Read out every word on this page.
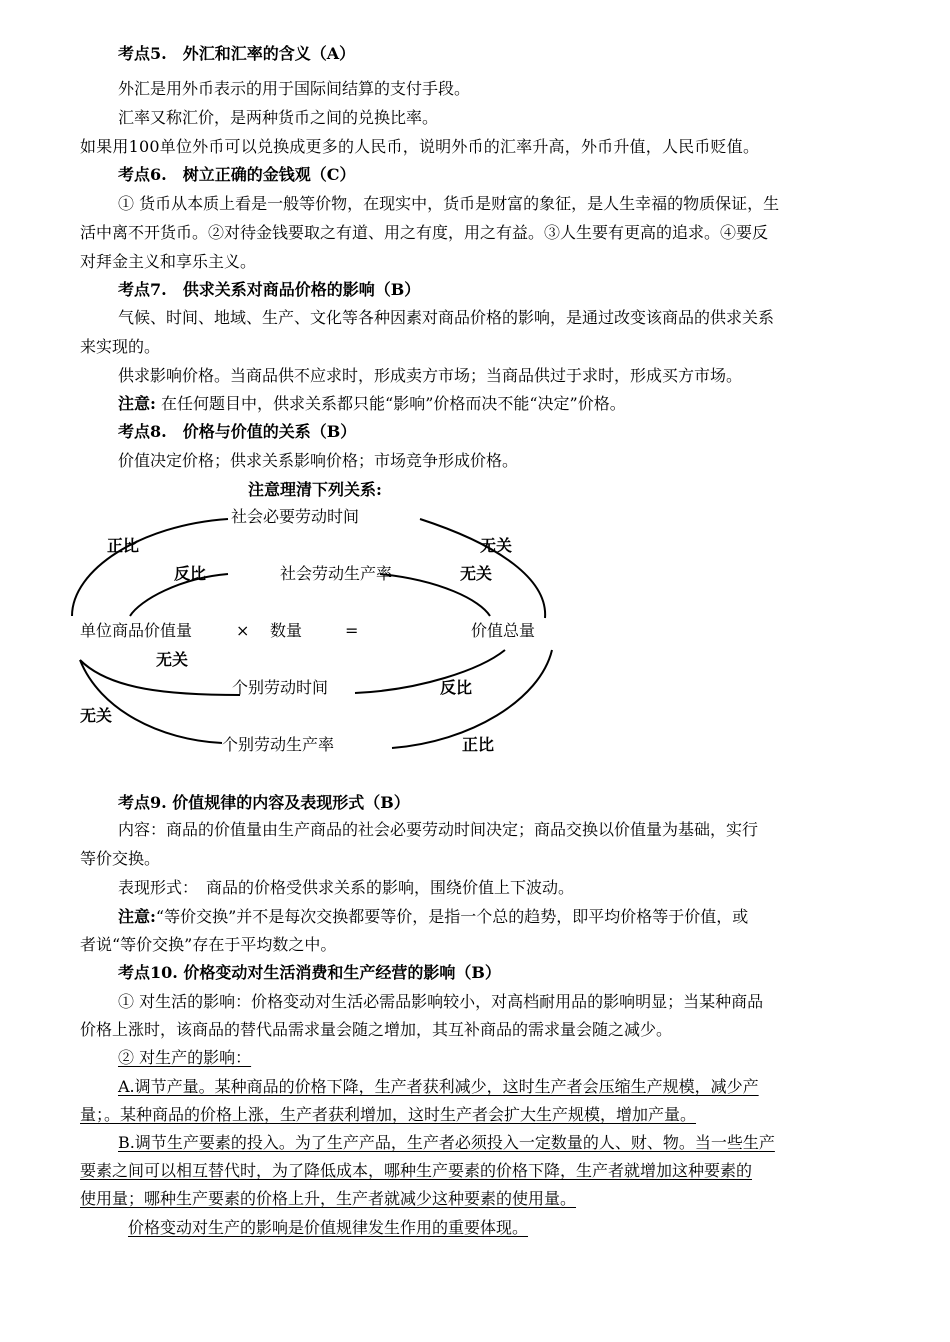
考点5.　外汇和汇率的含义（A）
外汇是用外币表示的用于国际间结算的支付手段。
汇率又称汇价，是两种货币之间的兑换比率。
如果用100单位外币可以兑换成更多的人民币，说明外币的汇率升高，外币升值，人民币贬值。
考点6.　树立正确的金钱观（C）
① 货币从本质上看是一般等价物，在现实中，货币是财富的象征，是人生幸福的物质保证，生
活中离不开货币。②对待金钱要取之有道、用之有度，用之有益。③人生要有更高的追求。④要反
对拜金主义和享乐主义。
考点7.　供求关系对商品价格的影响（B）
气候、时间、地域、生产、文化等各种因素对商品价格的影响，是通过改变该商品的供求关系
来实现的。
供求影响价格。当商品供不应求时，形成卖方市场；当商品供过于求时，形成买方市场。
注意: 在任何题目中，供求关系都只能“影响”价格而决不能“决定”价格。
考点8.　价格与价值的关系（B）
价值决定价格；供求关系影响价格；市场竞争形成价格。
注意理清下列关系:
社会必要劳动时间
正比	无关
反比	社会劳动生产率	无关
单位商品价值量	× 数量	=	价值总量
无关
个别劳动时间	反比
无关
个别劳动生产率	正比
考点9. 价值规律的内容及表现形式（B）
内容：商品的价值量由生产商品的社会必要劳动时间决定；商品交换以价值量为基础，实行
等价交换。
表现形式：　商品的价格受供求关系的影响，围绕价值上下波动。
注意:“等价交换”并不是每次交换都要等价，是指一个总的趋势，即平均价格等于价值，或
者说“等价交换”存在于平均数之中。
考点10. 价格变动对生活消费和生产经营的影响（B）
① 对生活的影响：价格变动对生活必需品影响较小，对高档耐用品的影响明显；当某种商品
价格上涨时，该商品的替代品需求量会随之增加，其互补商品的需求量会随之减少。
② 对生产的影响：
A.调节产量。某种商品的价格下降，生产者获利减少，这时生产者会压缩生产规模，减少产
量；。某种商品的价格上涨，生产者获利增加，这时生产者会扩大生产规模，增加产量。
B.调节生产要素的投入。为了生产产品，生产者必须投入一定数量的人、财、物。当一些生产
要素之间可以相互替代时，为了降低成本，哪种生产要素的价格下降，生产者就增加这种要素的
使用量；哪种生产要素的价格上升，生产者就减少这种要素的使用量。
价格变动对生产的影响是价值规律发生作用的重要体现。
